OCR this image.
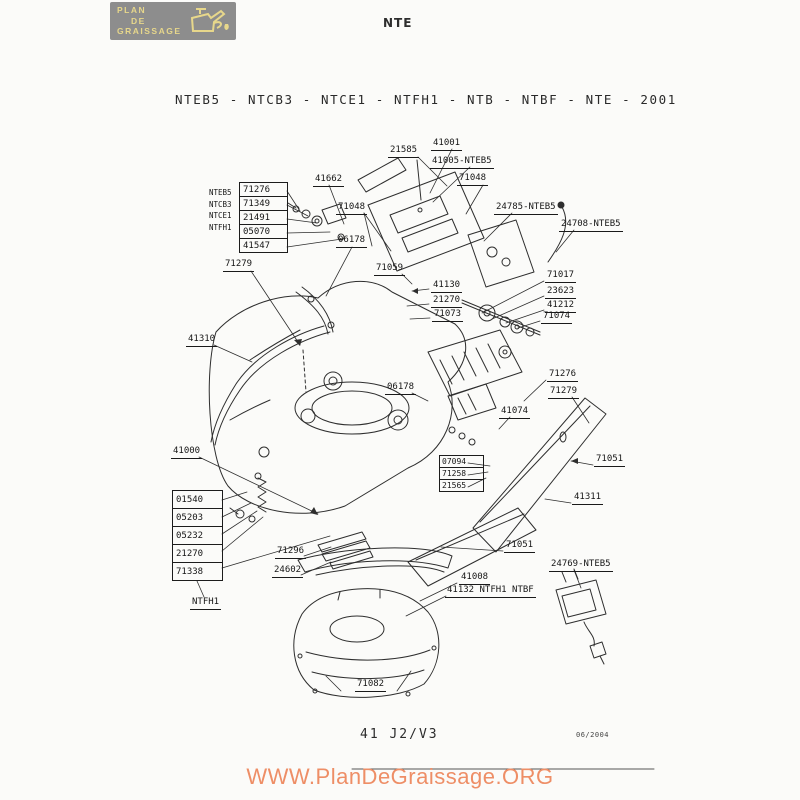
PLAN
DE
GRAISSAGE
NTE
NTEB5 - NTCB3 - NTCE1 - NTFH1 - NTB - NTBF - NTE - 2001
21585
41001
41005-NTEB5
71048
24785-NTEB5
24708-NTEB5
41662
71048
06178
71279	71059
41130
21270
71073
71017
23623
41212
71074
41310
06178
71276
71279
41074
41000
71051
41311
NTFH1
71296
24602
71051
41008
41132 NTFH1 NTBF
24769-NTEB5
71082
NTEB5
NTCB3
NTCE1
NTFH1
71276
71349
21491
05070
41547
07094
71258
21565
01540
05203
05232
21270
71338
41 J2/V3	06/2004
WWW.PlanDeGraissage.ORG
